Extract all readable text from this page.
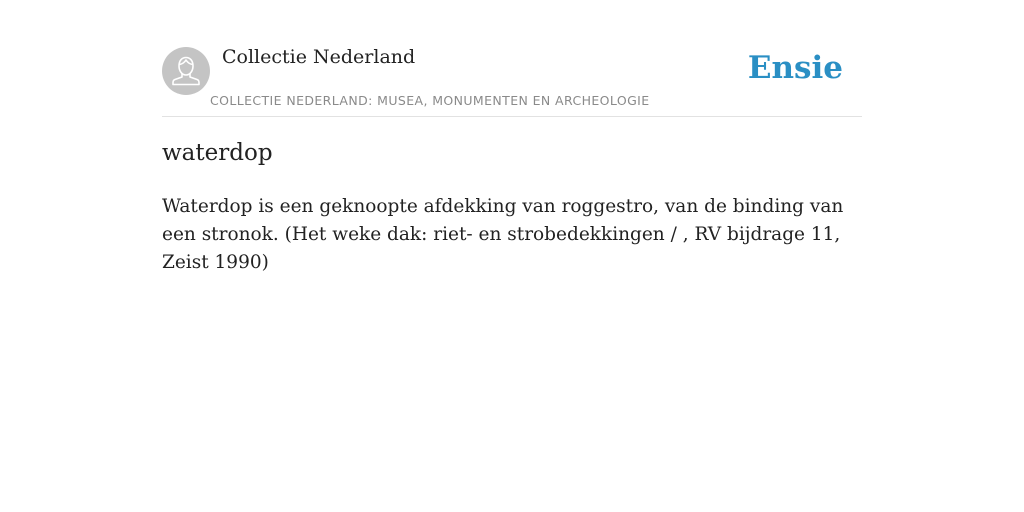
Collectie Nederland
COLLECTIE NEDERLAND: MUSEA, MONUMENTEN EN ARCHEOLOGIE
Ensie
waterdop

Waterdop is een geknoopte afdekking van roggestro, van de binding van een stronok. (Het weke dak: riet- en strobedekkingen / , RV bijdrage 11, Zeist 1990)
